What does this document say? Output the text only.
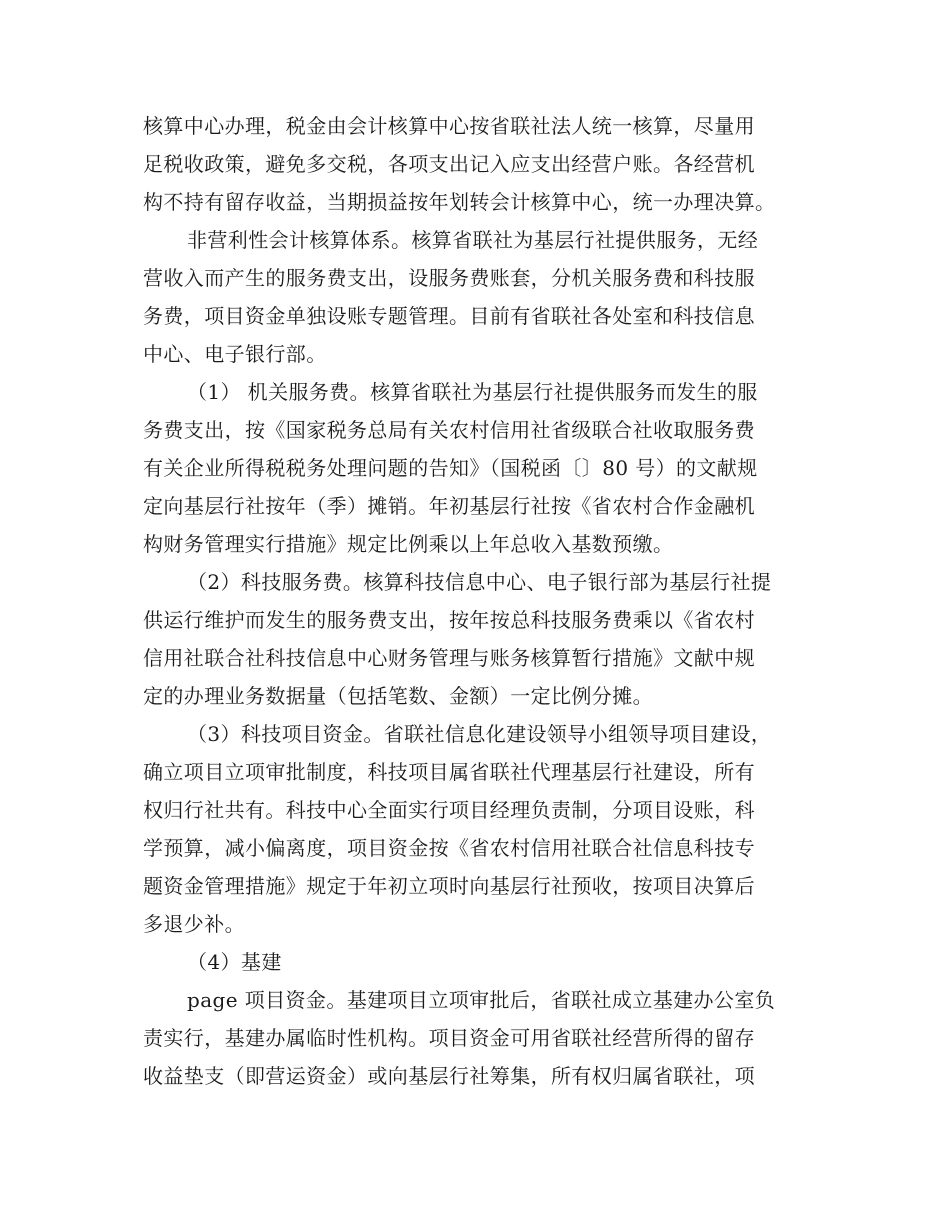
核算中心办理，税金由会计核算中心按省联社法人统一核算，尽量用
足税收政策，避免多交税，各项支出记入应支出经营户账。各经营机
构不持有留存收益，当期损益按年划转会计核算中心，统一办理决算。

非营利性会计核算体系。核算省联社为基层行社提供服务，无经
营收入而产生的服务费支出，设服务费账套，分机关服务费和科技服
务费，项目资金单独设账专题管理。目前有省联社各处室和科技信息
中心、电子银行部。

（1） 机关服务费。核算省联社为基层行社提供服务而发生的服
务费支出，按《国家税务总局有关农村信用社省级联合社收取服务费
有关企业所得税税务处理问题的告知》（国税函〔〕80 号）的文献规
定向基层行社按年（季）摊销。年初基层行社按《省农村合作金融机
构财务管理实行措施》规定比例乘以上年总收入基数预缴。

（2）科技服务费。核算科技信息中心、电子银行部为基层行社提
供运行维护而发生的服务费支出，按年按总科技服务费乘以《省农村
信用社联合社科技信息中心财务管理与账务核算暂行措施》文献中规
定的办理业务数据量（包括笔数、金额）一定比例分摊。

（3）科技项目资金。省联社信息化建设领导小组领导项目建设，
确立项目立项审批制度，科技项目属省联社代理基层行社建设，所有
权归行社共有。科技中心全面实行项目经理负责制，分项目设账，科
学预算，减小偏离度，项目资金按《省农村信用社联合社信息科技专
题资金管理措施》规定于年初立项时向基层行社预收，按项目决算后
多退少补。

（4）基建

page 项目资金。基建项目立项审批后，省联社成立基建办公室负
责实行，基建办属临时性机构。项目资金可用省联社经营所得的留存
收益垫支（即营运资金）或向基层行社筹集，所有权归属省联社，项
